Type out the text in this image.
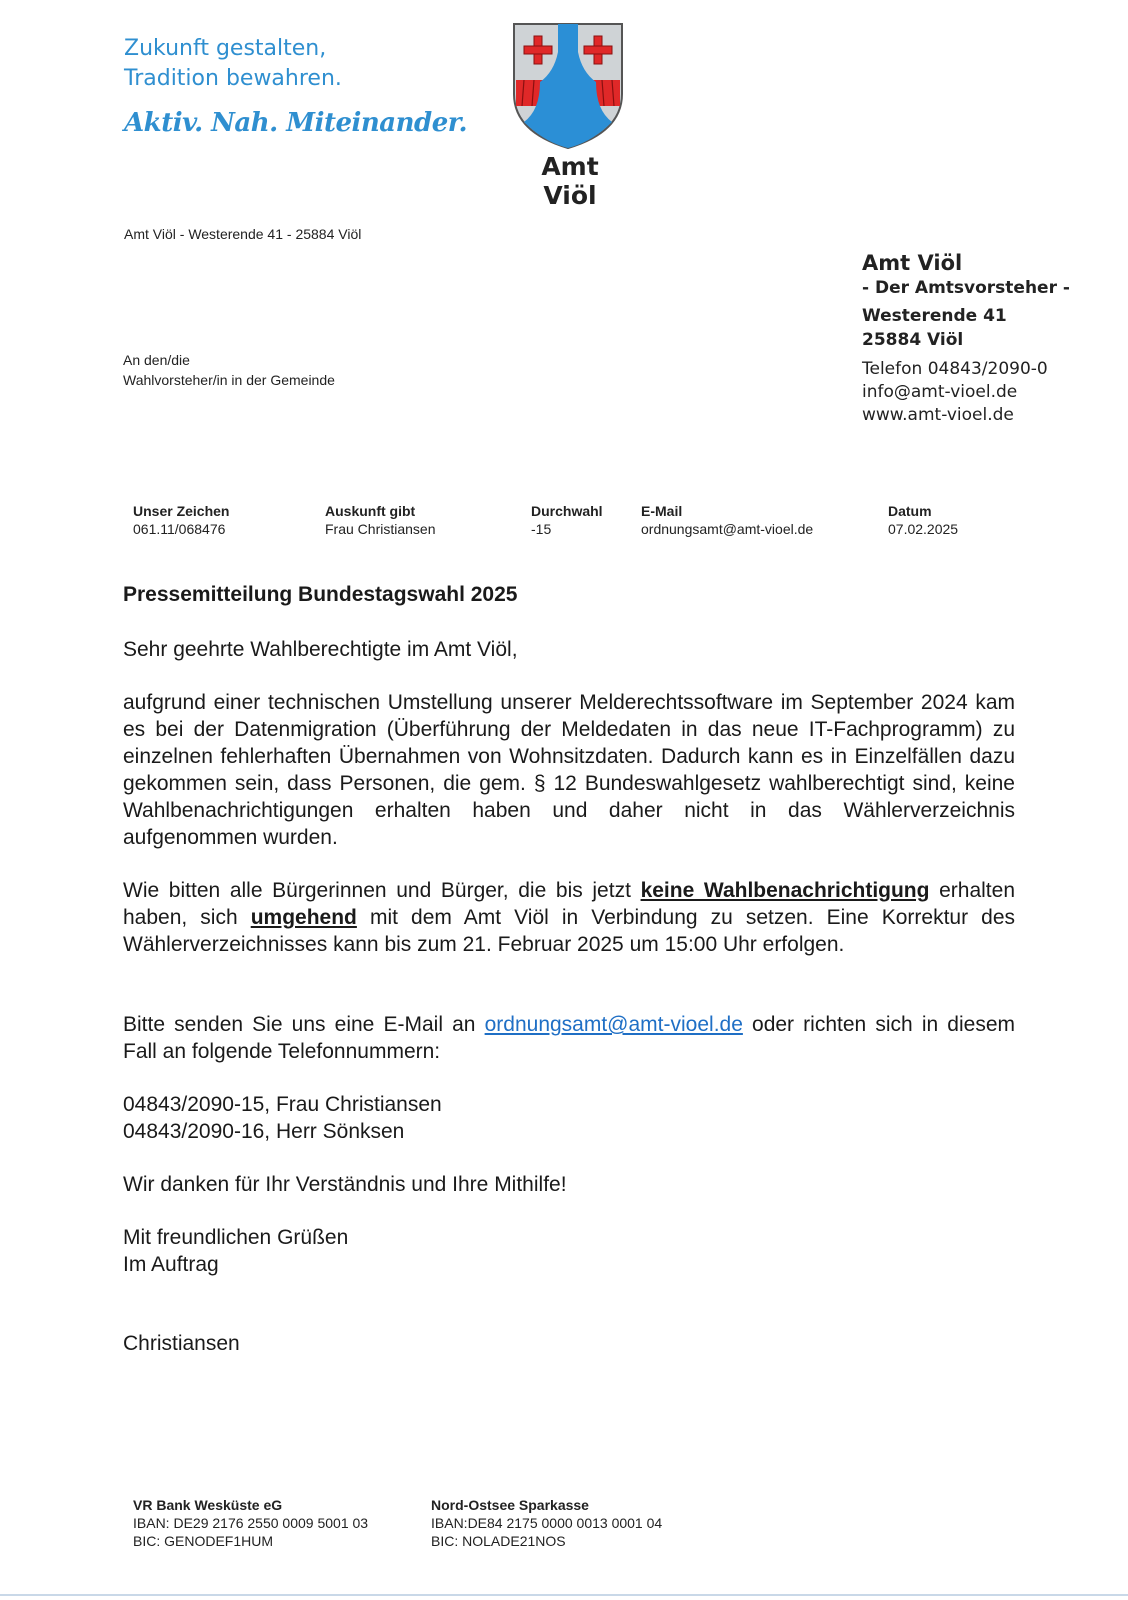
Zukunft gestalten,
Tradition bewahren.
Aktiv. Nah. Miteinander.
Amt Viöl
Amt Viöl - Westerende 41 - 25884 Viöl
An den/die
Wahlvorsteher/in in der Gemeinde
Amt Viöl
- Der Amtsvorsteher -
Westerende 41
25884 Viöl
Telefon 04843/2090-0
info@amt-vioel.de
www.amt-vioel.de
Unser Zeichen
061.11/068476
Auskunft gibt
Frau Christiansen
Durchwahl
-15
E-Mail
ordnungsamt@amt-vioel.de
Datum
07.02.2025
Pressemitteilung Bundestagswahl 2025
Sehr geehrte Wahlberechtigte im Amt Viöl,
aufgrund einer technischen Umstellung unserer Melderechtssoftware im September 2024 kam es bei der Datenmigration (Überführung der Meldedaten in das neue IT-Fachprogramm) zu einzelnen fehlerhaften Übernahmen von Wohnsitzdaten. Dadurch kann es in Einzelfällen dazu gekommen sein, dass Personen, die gem. § 12 Bundeswahlgesetz wahlberechtigt sind, keine Wahlbenachrichtigungen erhalten haben und daher nicht in das Wählerverzeichnis aufgenommen wurden.
Wie bitten alle Bürgerinnen und Bürger, die bis jetzt keine Wahlbenachrichtigung erhalten haben, sich umgehend mit dem Amt Viöl in Verbindung zu setzen. Eine Korrektur des Wählerverzeichnisses kann bis zum 21. Februar 2025 um 15:00 Uhr erfolgen.
Bitte senden Sie uns eine E-Mail an ordnungsamt@amt-vioel.de oder richten sich in diesem Fall an folgende Telefonnummern:
04843/2090-15, Frau Christiansen
04843/2090-16, Herr Sönksen
Wir danken für Ihr Verständnis und Ihre Mithilfe!
Mit freundlichen Grüßen
Im Auftrag
Christiansen
VR Bank Wesküste eG
IBAN: DE29 2176 2550 0009 5001 03
BIC: GENODEF1HUM
Nord-Ostsee Sparkasse
IBAN:DE84 2175 0000 0013 0001 04
BIC: NOLADE21NOS
